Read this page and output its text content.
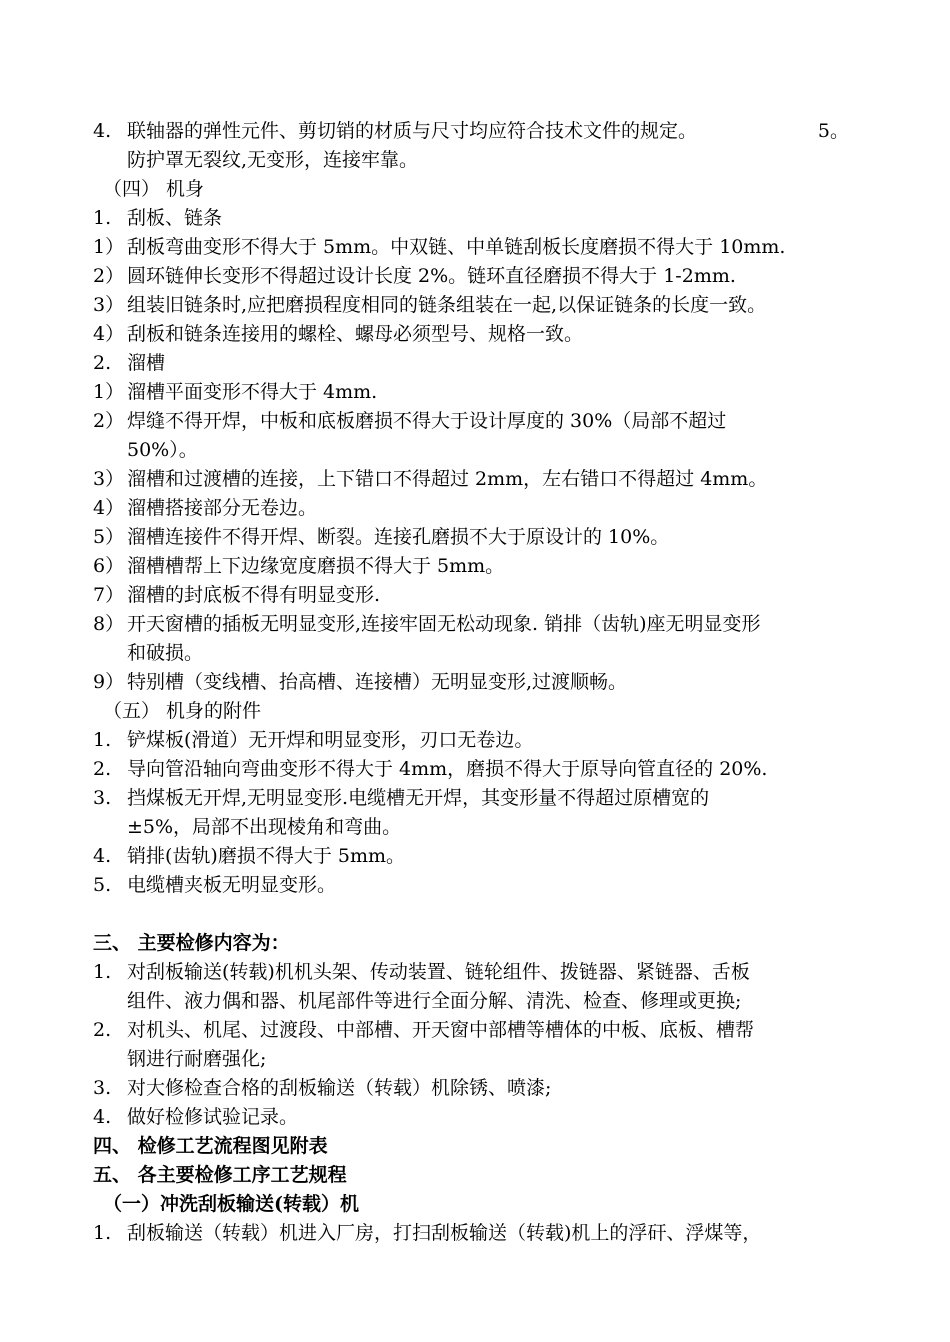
4. 联轴器的弹性元件、剪切销的材质与尺寸均应符合技术文件的规定。	5。
防护罩无裂纹,无变形，连接牢靠。
（四） 机身
1. 刮板、链条
1） 刮板弯曲变形不得大于 5mm。中双链、中单链刮板长度磨损不得大于 10mm.
2） 圆环链伸长变形不得超过设计长度 2%。链环直径磨损不得大于 1-2mm.
3） 组装旧链条时,应把磨损程度相同的链条组装在一起,以保证链条的长度一致。
4） 刮板和链条连接用的螺栓、螺母必须型号、规格一致。
2. 溜槽
1） 溜槽平面变形不得大于 4mm.
2） 焊缝不得开焊，中板和底板磨损不得大于设计厚度的 30%（局部不超过
50%）。
3） 溜槽和过渡槽的连接，上下错口不得超过 2mm，左右错口不得超过 4mm。
4） 溜槽搭接部分无卷边。
5） 溜槽连接件不得开焊、断裂。连接孔磨损不大于原设计的 10%。
6） 溜槽槽帮上下边缘宽度磨损不得大于 5mm。
7） 溜槽的封底板不得有明显变形.
8） 开天窗槽的插板无明显变形,连接牢固无松动现象. 销排（齿轨)座无明显变形
和破损。
9） 特别槽（变线槽、抬高槽、连接槽）无明显变形,过渡顺畅。
（五） 机身的附件
1. 铲煤板(滑道）无开焊和明显变形，刃口无卷边。
2. 导向管沿轴向弯曲变形不得大于 4mm，磨损不得大于原导向管直径的 20%.
3. 挡煤板无开焊,无明显变形.电缆槽无开焊，其变形量不得超过原槽宽的
±5%，局部不出现棱角和弯曲。
4. 销排(齿轨)磨损不得大于 5mm。
5. 电缆槽夹板无明显变形。
三、 主要检修内容为：
1. 对刮板输送(转载)机机头架、传动装置、链轮组件、拨链器、紧链器、舌板
组件、液力偶和器、机尾部件等进行全面分解、清洗、检查、修理或更换;
2. 对机头、机尾、过渡段、中部槽、开天窗中部槽等槽体的中板、底板、槽帮
钢进行耐磨强化;
3. 对大修检查合格的刮板输送（转载）机除锈、喷漆;
4. 做好检修试验记录。
四、 检修工艺流程图见附表
五、 各主要检修工序工艺规程
（一）冲洗刮板输送(转载）机
1. 刮板输送（转载）机进入厂房，打扫刮板输送（转载)机上的浮矸、浮煤等，
